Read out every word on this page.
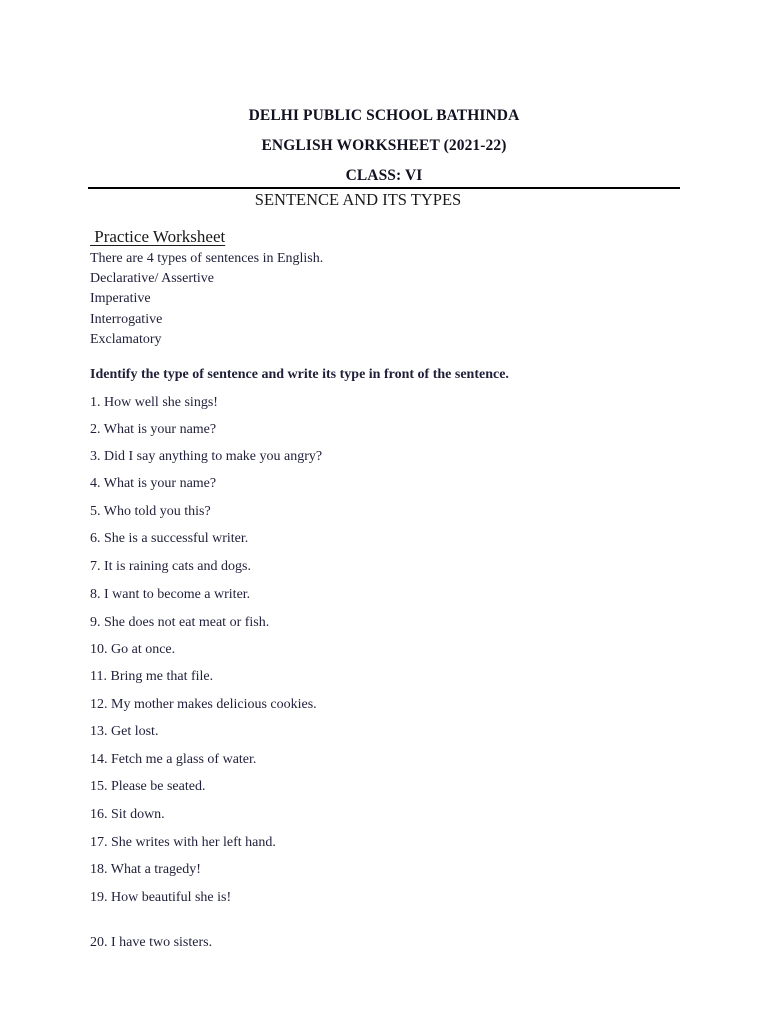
DELHI PUBLIC SCHOOL BATHINDA
ENGLISH WORKSHEET (2021-22)
CLASS: VI
SENTENCE AND ITS TYPES
Practice Worksheet
There are 4 types of sentences in English.
Declarative/ Assertive
Imperative
Interrogative
Exclamatory
Identify the type of sentence and write its type in front of the sentence.
1. How well she sings!
2. What is your name?
3. Did I say anything to make you angry?
4. What is your name?
5. Who told you this?
6. She is a successful writer.
7. It is raining cats and dogs.
8. I want to become a writer.
9. She does not eat meat or fish.
10. Go at once.
11. Bring me that file.
12. My mother makes delicious cookies.
13. Get lost.
14. Fetch me a glass of water.
15. Please be seated.
16. Sit down.
17. She writes with her left hand.
18. What a tragedy!
19. How beautiful she is!
20. I have two sisters.
